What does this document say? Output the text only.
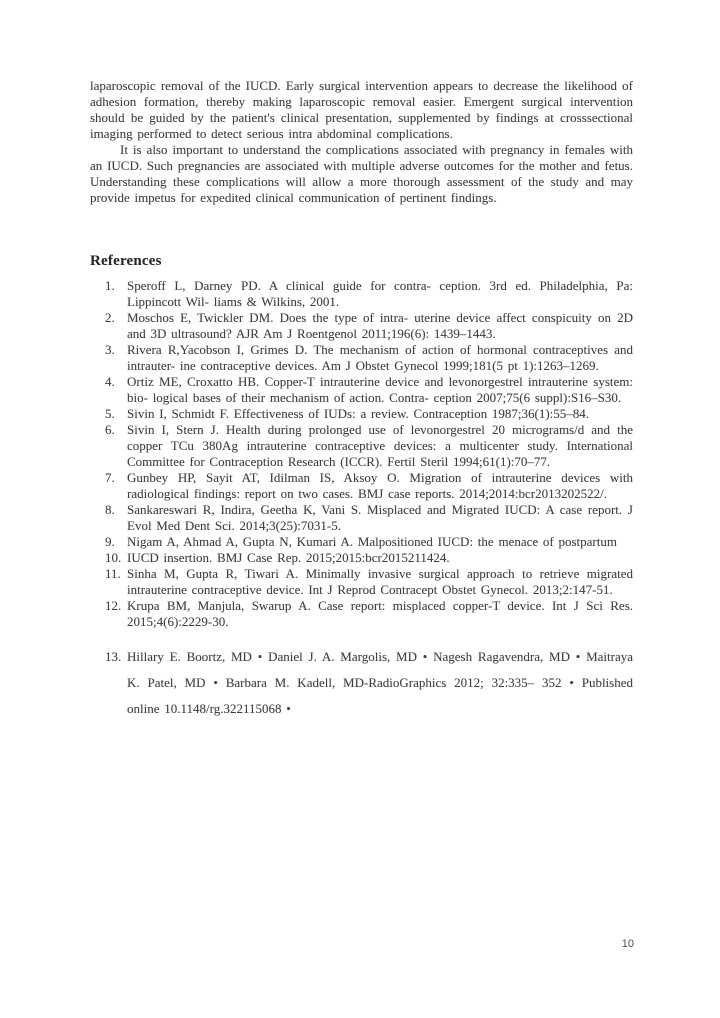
laparoscopic removal of the IUCD. Early surgical intervention appears to decrease the likelihood of adhesion formation, thereby making laparoscopic removal easier. Emergent surgical intervention should be guided by the patient's clinical presentation, supplemented by findings at crosssectional imaging performed to detect serious intra abdominal complications.

It is also important to understand the complications associated with pregnancy in females with an IUCD. Such pregnancies are associated with multiple adverse outcomes for the mother and fetus. Understanding these complications will allow a more thorough assessment of the study and may provide impetus for expedited clinical communication of pertinent findings.

References
1. Speroff L, Darney PD. A clinical guide for contra- ception. 3rd ed. Philadelphia, Pa: Lippincott Wil- liams & Wilkins, 2001.
2. Moschos E, Twickler DM. Does the type of intra- uterine device affect conspicuity on 2D and 3D ultrasound? AJR Am J Roentgenol 2011;196(6): 1439–1443.
3. Rivera R,Yacobson I, Grimes D. The mechanism of action of hormonal contraceptives and intrauter- ine contraceptive devices. Am J Obstet Gynecol 1999;181(5 pt 1):1263–1269.
4. Ortiz ME, Croxatto HB. Copper-T intrauterine device and levonorgestrel intrauterine system: bio- logical bases of their mechanism of action. Contra- ception 2007;75(6 suppl):S16–S30.
5. Sivin I, Schmidt F. Effectiveness of IUDs: a review. Contraception 1987;36(1):55–84.
6. Sivin I, Stern J. Health during prolonged use of levonorgestrel 20 micrograms/d and the copper TCu 380Ag intrauterine contraceptive devices: a multicenter study. International Committee for Contraception Research (ICCR). Fertil Steril 1994;61(1):70–77.
7. Gunbey HP, Sayit AT, Idilman IS, Aksoy O. Migration of intrauterine devices with radiological findings: report on two cases. BMJ case reports. 2014;2014:bcr2013202522/.
8. Sankareswari R, Indira, Geetha K, Vani S. Misplaced and Migrated IUCD: A case report. J Evol Med Dent Sci. 2014;3(25):7031-5.
9. Nigam A, Ahmad A, Gupta N, Kumari A. Malpositioned IUCD: the menace of postpartum
10. IUCD insertion. BMJ Case Rep. 2015;2015:bcr2015211424.
11. Sinha M, Gupta R, Tiwari A. Minimally invasive surgical approach to retrieve migrated intrauterine contraceptive device. Int J Reprod Contracept Obstet Gynecol. 2013;2:147-51.
12. Krupa BM, Manjula, Swarup A. Case report: misplaced copper-T device. Int J Sci Res. 2015;4(6):2229-30.
13. Hillary E. Boortz, MD • Daniel J. A. Margolis, MD • Nagesh Ragavendra, MD • Maitraya K. Patel, MD • Barbara M. Kadell, MD-RadioGraphics 2012; 32:335– 352 • Published online 10.1148/rg.322115068 •
10
